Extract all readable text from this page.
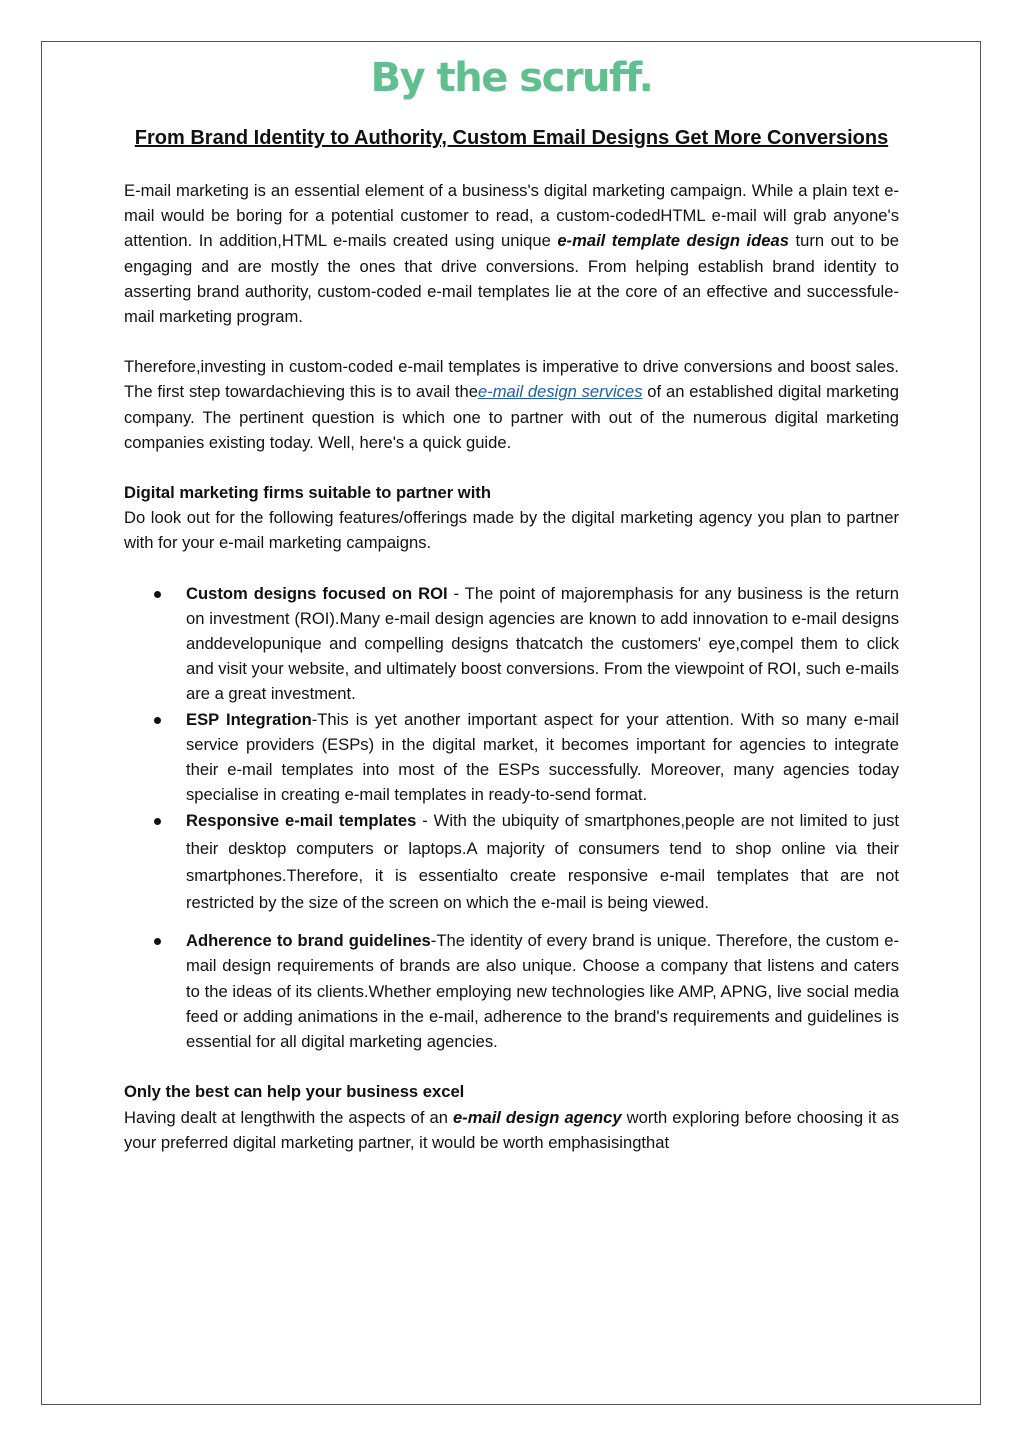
By the scruff.
From Brand Identity to Authority, Custom Email Designs Get More Conversions

E-mail marketing is an essential element of a business's digital marketing campaign. While a plain text e-mail would be boring for a potential customer to read, a custom-codedHTML e-mail will grab anyone's attention. In addition,HTML e-mails created using unique e-mail template design ideas turn out to be engaging and are mostly the ones that drive conversions. From helping establish brand identity to asserting brand authority, custom-coded e-mail templates lie at the core of an effective and successfule-mail marketing program.

Therefore,investing in custom-coded e-mail templates is imperative to drive conversions and boost sales. The first step towardachieving this is to avail thee-mail design services of an established digital marketing company. The pertinent question is which one to partner with out of the numerous digital marketing companies existing today. Well, here's a quick guide.

Digital marketing firms suitable to partner with

Do look out for the following features/offerings made by the digital marketing agency you plan to partner with for your e-mail marketing campaigns.

Custom designs focused on ROI - The point of majoremphasis for any business is the return on investment (ROI).Many e-mail design agencies are known to add innovation to e-mail designs anddevelopunique and compelling designs thatcatch the customers' eye,compel them to click and visit your website, and ultimately boost conversions. From the viewpoint of ROI, such e-mails are a great investment.
ESP Integration-This is yet another important aspect for your attention. With so many e-mail service providers (ESPs) in the digital market, it becomes important for agencies to integrate their e-mail templates into most of the ESPs successfully. Moreover, many agencies today specialise in creating e-mail templates in ready-to-send format.
Responsive e-mail templates - With the ubiquity of smartphones,people are not limited to just their desktop computers or laptops.A majority of consumers tend to shop online via their smartphones.Therefore, it is essentialto create responsive e-mail templates that are not restricted by the size of the screen on which the e-mail is being viewed.
Adherence to brand guidelines-The identity of every brand is unique. Therefore, the custom e-mail design requirements of brands are also unique. Choose a company that listens and caters to the ideas of its clients.Whether employing new technologies like AMP, APNG, live social media feed or adding animations in the e-mail, adherence to the brand's requirements and guidelines is essential for all digital marketing agencies.

Only the best can help your business excel

Having dealt at lengthwith the aspects of an e-mail design agency worth exploring before choosing it as your preferred digital marketing partner, it would be worth emphasisingthat
